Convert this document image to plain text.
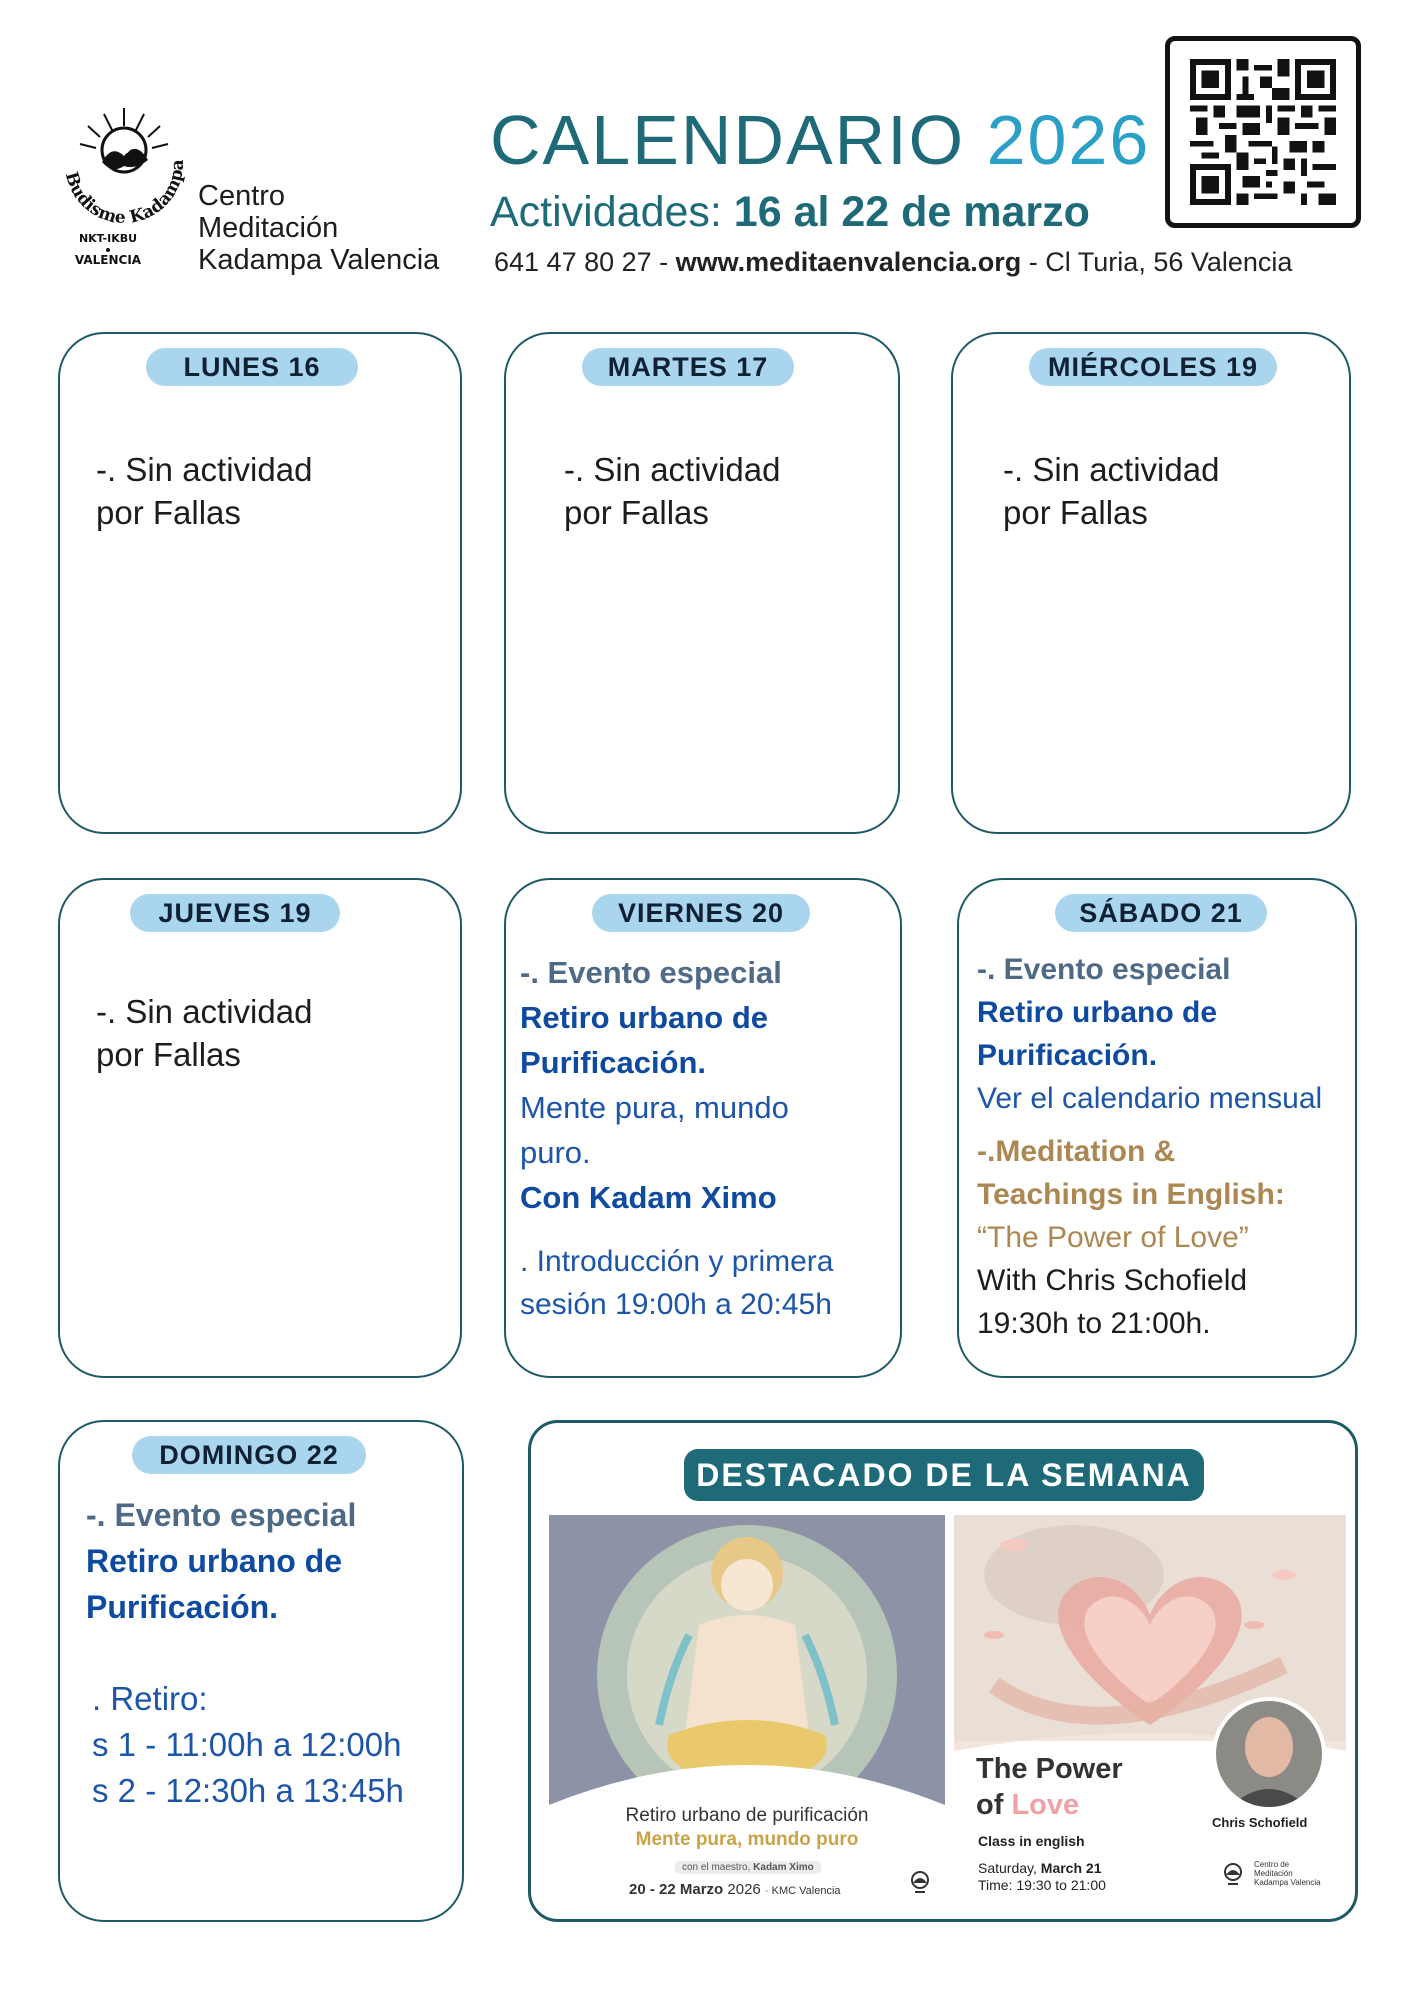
Budisme Kadampa
NKT-IKBU
VALENCIA
Centro
Meditación
Kadampa Valencia
CALENDARIO 2026
Actividades: 16 al 22 de marzo
641 47 80 27 - www.meditaenvalencia.org - Cl Turia, 56 Valencia
LUNES 16
-. Sin actividad
por Fallas
MARTES 17
-. Sin actividad
por Fallas
MIÉRCOLES 19
-. Sin actividad
por Fallas
JUEVES 19
-. Sin actividad
por Fallas
VIERNES 20
-. Evento especial
Retiro urbano de
Purificación.
Mente pura, mundo
puro.
Con Kadam Ximo
. Introducción y primera
sesión 19:00h a 20:45h
SÁBADO 21
-. Evento especial
Retiro urbano de
Purificación.
Ver el calendario mensual
-.Meditation &
Teachings in English:
“The Power of Love”
With Chris Schofield
19:30h to 21:00h.
DOMINGO 22
-. Evento especial
Retiro urbano de
Purificación.
. Retiro:
s 1 - 11:00h a 12:00h
s 2 - 12:30h a 13:45h
DESTACADO DE LA SEMANA
Retiro urbano de purificación
Mente pura, mundo puro
con el maestro, Kadam Ximo
20 - 22 Marzo 2026 · KMC Valencia
The Power
of Love
Class in english
Saturday, March 21
Time: 19:30 to 21:00
Chris Schofield
Centro de
Meditación
Kadampa Valencia
